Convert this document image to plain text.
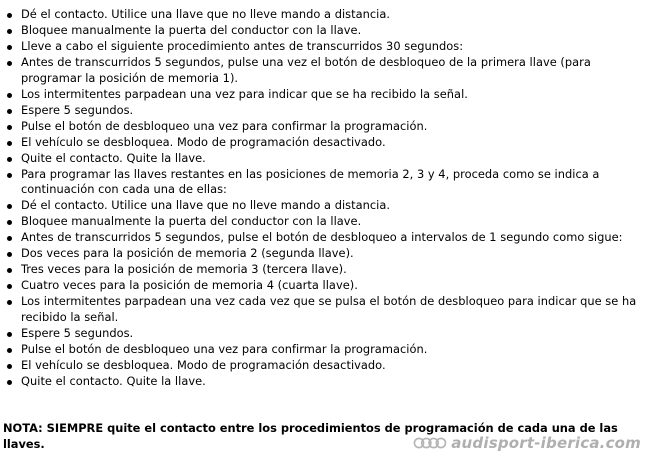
Dé el contacto. Utilice una llave que no lleve mando a distancia.
Bloquee manualmente la puerta del conductor con la llave.
Lleve a cabo el siguiente procedimiento antes de transcurridos 30 segundos:
Antes de transcurridos 5 segundos, pulse una vez el botón de desbloqueo de la primera llave (para programar la posición de memoria 1).
Los intermitentes parpadean una vez para indicar que se ha recibido la señal.
Espere 5 segundos.
Pulse el botón de desbloqueo una vez para confirmar la programación.
El vehículo se desbloquea. Modo de programación desactivado.
Quite el contacto. Quite la llave.
Para programar las llaves restantes en las posiciones de memoria 2, 3 y 4, proceda como se indica a continuación con cada una de ellas:
Dé el contacto. Utilice una llave que no lleve mando a distancia.
Bloquee manualmente la puerta del conductor con la llave.
Antes de transcurridos 5 segundos, pulse el botón de desbloqueo a intervalos de 1 segundo como sigue:
Dos veces para la posición de memoria 2 (segunda llave).
Tres veces para la posición de memoria 3 (tercera llave).
Cuatro veces para la posición de memoria 4 (cuarta llave).
Los intermitentes parpadean una vez cada vez que se pulsa el botón de desbloqueo para indicar que se ha recibido la señal.
Espere 5 segundos.
Pulse el botón de desbloqueo una vez para confirmar la programación.
El vehículo se desbloquea. Modo de programación desactivado.
Quite el contacto. Quite la llave.
NOTA: SIEMPRE quite el contacto entre los procedimientos de programación de cada una de las llaves.	audisport-iberica.com
